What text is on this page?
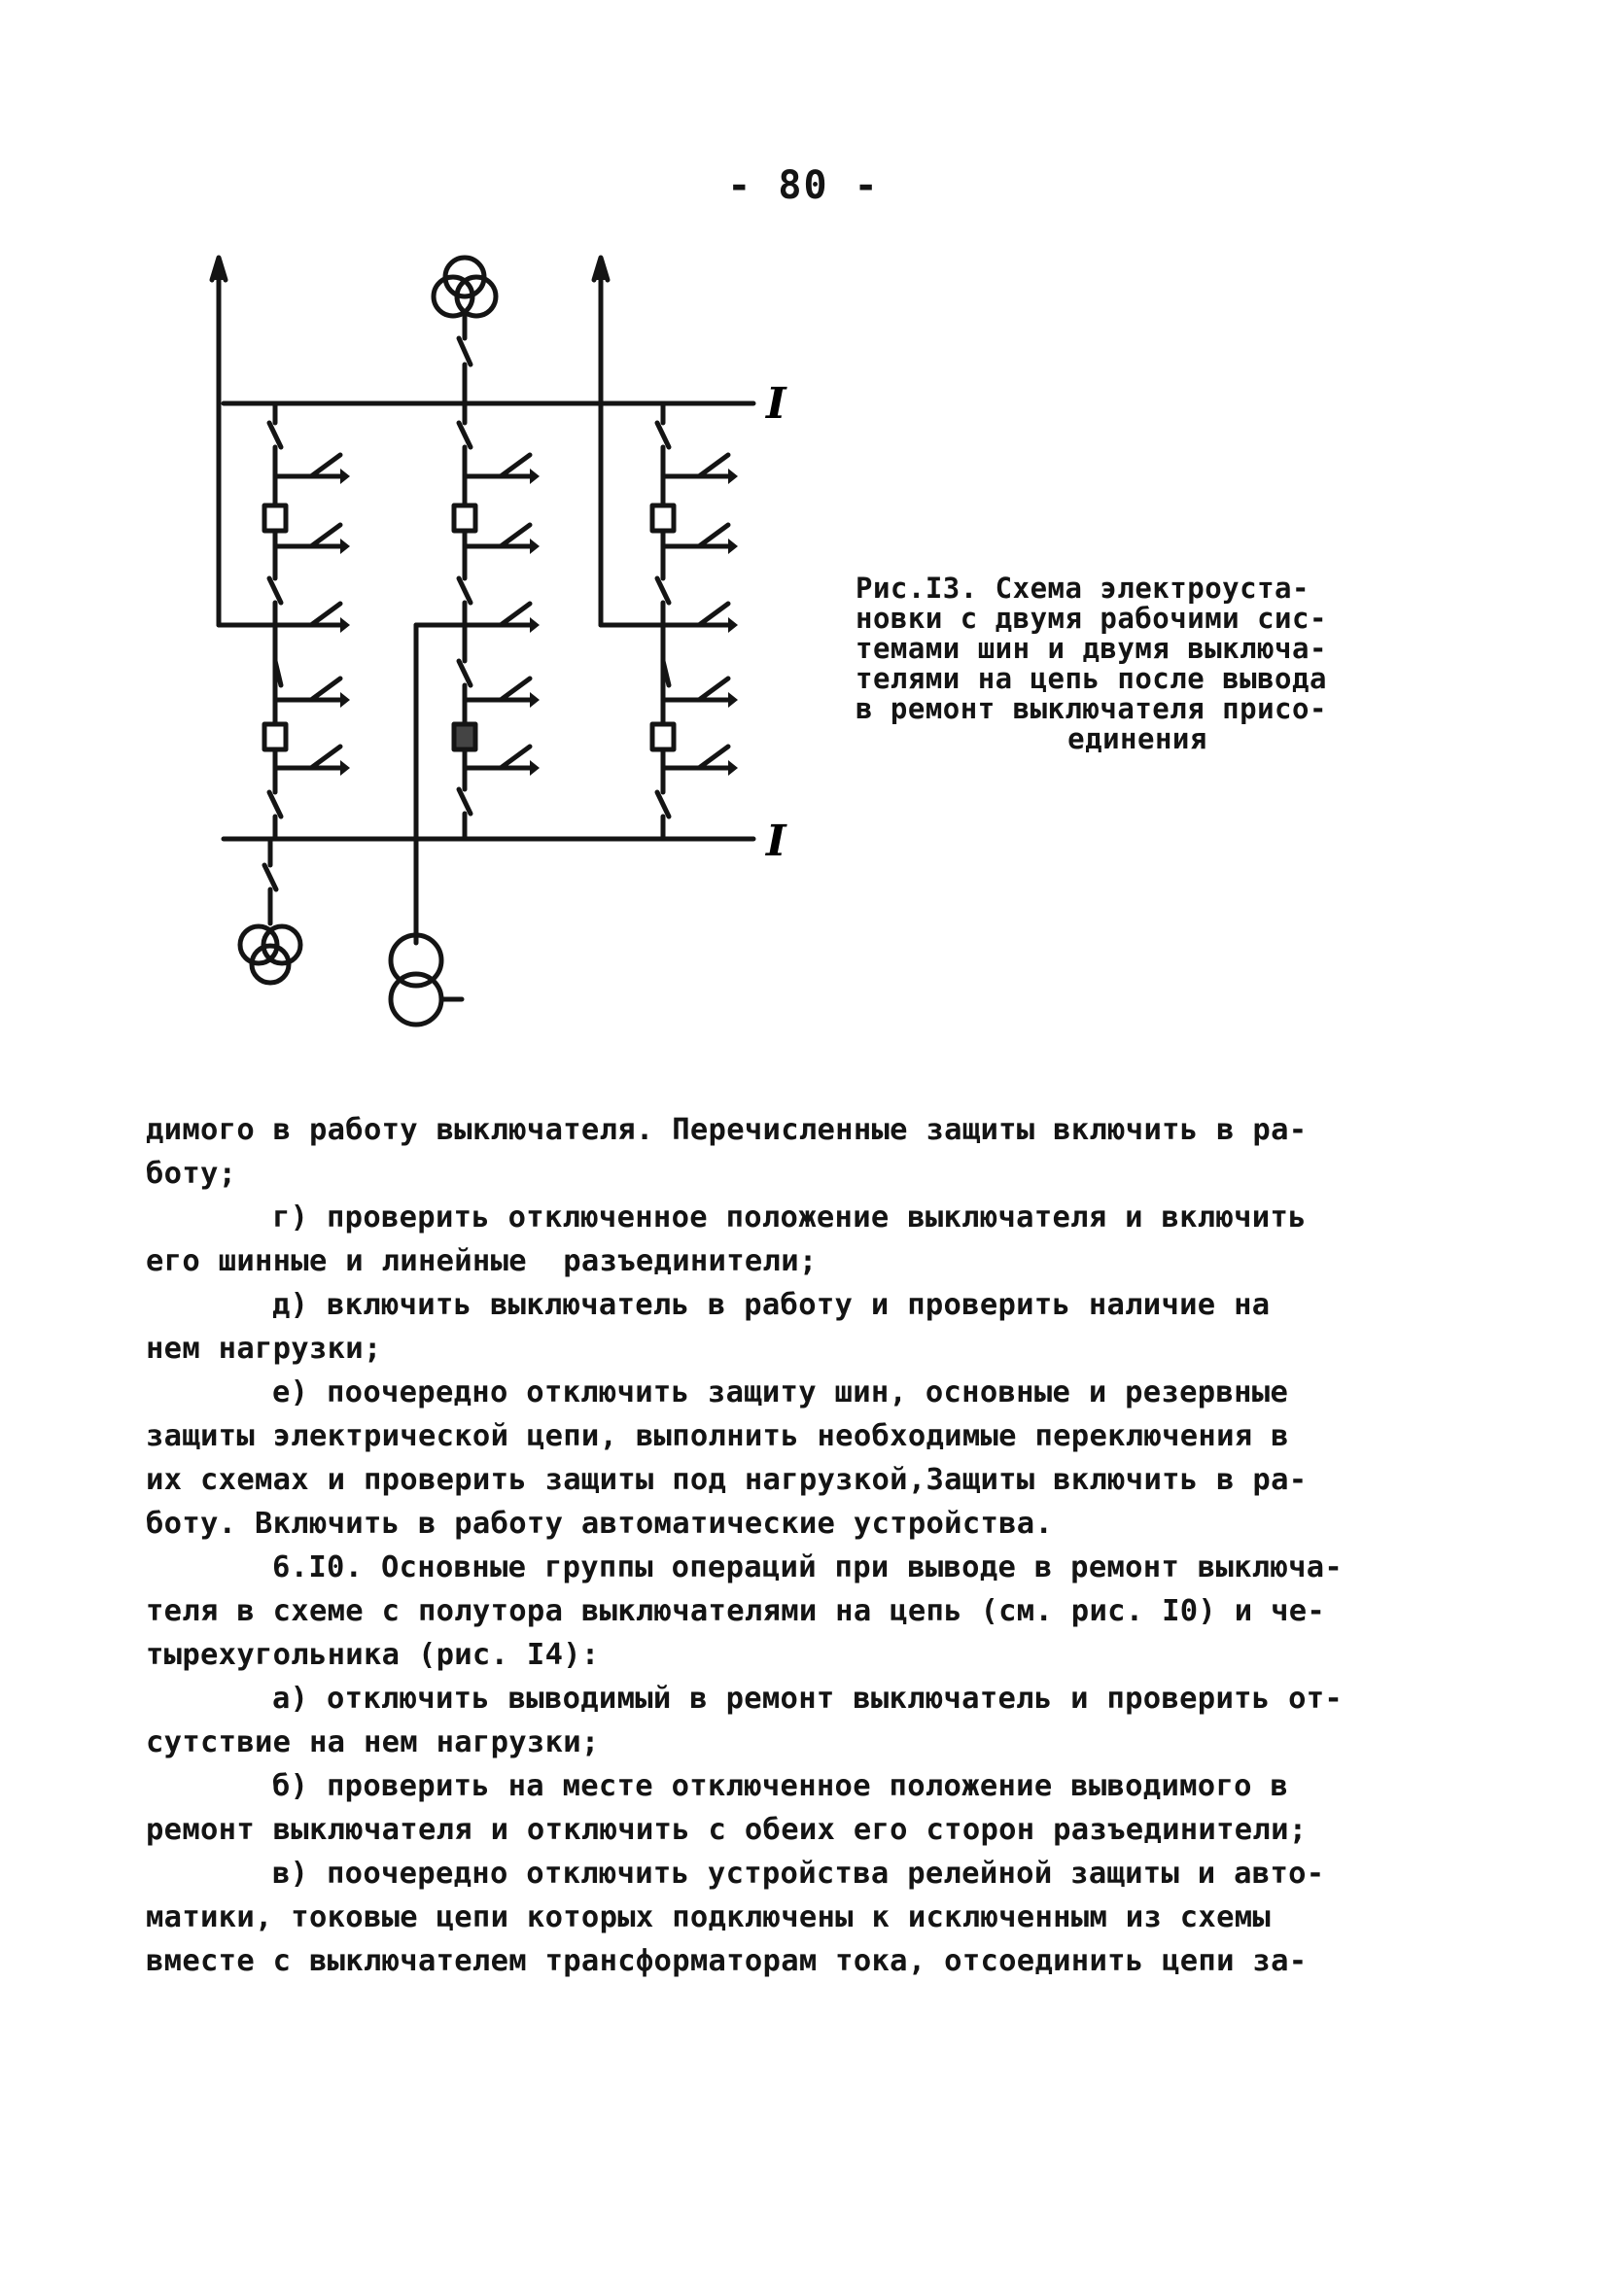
- 80 -
I
I
Рис.I3. Схема электроуста-
новки с двумя рабочими сис-
темами шин и двумя выключа-
телями на цепь после вывода
в ремонт выключателя присо-
единения
димого в работу выключателя. Перечисленные защиты включить в ра-
боту;
г) проверить отключенное положение выключателя и включить
его шинные и линейные  разъединители;
д) включить выключатель в работу и проверить наличие на
нем нагрузки;
е) поочередно отключить защиту шин, основные и резервные
защиты электрической цепи, выполнить необходимые переключения в
их схемах и проверить защиты под нагрузкой,Защиты включить в ра-
боту. Включить в работу автоматические устройства.
6.I0. Основные группы операций при выводе в ремонт выключа-
теля в схеме с полутора выключателями на цепь (см. рис. I0) и че-
тырехугольника (рис. I4):
а) отключить выводимый в ремонт выключатель и проверить от-
сутствие на нем нагрузки;
б) проверить на месте отключенное положение выводимого в
ремонт выключателя и отключить с обеих его сторон разъединители;
в) поочередно отключить устройства релейной защиты и авто-
матики, токовые цепи которых подключены к исключенным из схемы
вместе с выключателем трансформаторам тока, отсоединить цепи за-
